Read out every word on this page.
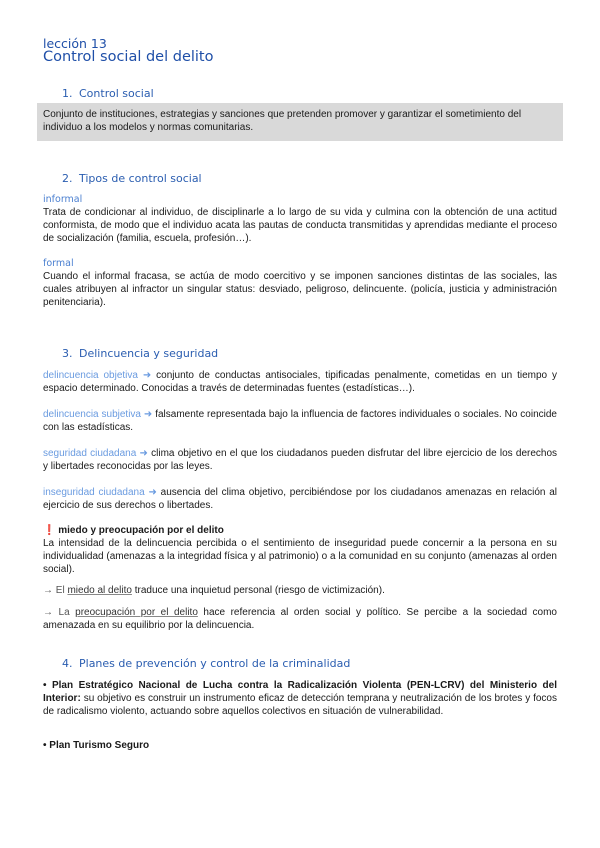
lección 13
Control social del delito
1. Control social
Conjunto de instituciones, estrategias y sanciones que pretenden promover y garantizar el sometimiento del individuo a los modelos y normas comunitarias.
2. Tipos de control social
informal
Trata de condicionar al individuo, de disciplinarle a lo largo de su vida y culmina con la obtención de una actitud conformista, de modo que el individuo acata las pautas de conducta transmitidas y aprendidas mediante el proceso de socialización (familia, escuela, profesión…).
formal
Cuando el informal fracasa, se actúa de modo coercitivo y se imponen sanciones distintas de las sociales, las cuales atribuyen al infractor un singular status: desviado, peligroso, delincuente. (policía, justicia y administración penitenciaria).
3. Delincuencia y seguridad
delincuencia objetiva ➜ conjunto de conductas antisociales, tipificadas penalmente, cometidas en un tiempo y espacio determinado. Conocidas a través de determinadas fuentes (estadísticas…).
delincuencia subjetiva ➜ falsamente representada bajo la influencia de factores individuales o sociales. No coincide con las estadísticas.
seguridad ciudadana ➜ clima objetivo en el que los ciudadanos pueden disfrutar del libre ejercicio de los derechos y libertades reconocidas por las leyes.
inseguridad ciudadana ➜ ausencia del clima objetivo, percibiéndose por los ciudadanos amenazas en relación al ejercicio de sus derechos o libertades.
❗ miedo y preocupación por el delito
La intensidad de la delincuencia percibida o el sentimiento de inseguridad puede concernir a la persona en su individualidad (amenazas a la integridad física y al patrimonio) o a la comunidad en su conjunto (amenazas al orden social).
→ El miedo al delito traduce una inquietud personal (riesgo de victimización).
→ La preocupación por el delito hace referencia al orden social y político. Se percibe a la sociedad como amenazada en su equilibrio por la delincuencia.
4. Planes de prevención y control de la criminalidad
• Plan Estratégico Nacional de Lucha contra la Radicalización Violenta (PEN-LCRV) del Ministerio del Interior: su objetivo es construir un instrumento eficaz de detección temprana y neutralización de los brotes y focos de radicalismo violento, actuando sobre aquellos colectivos en situación de vulnerabilidad.
• Plan Turismo Seguro
